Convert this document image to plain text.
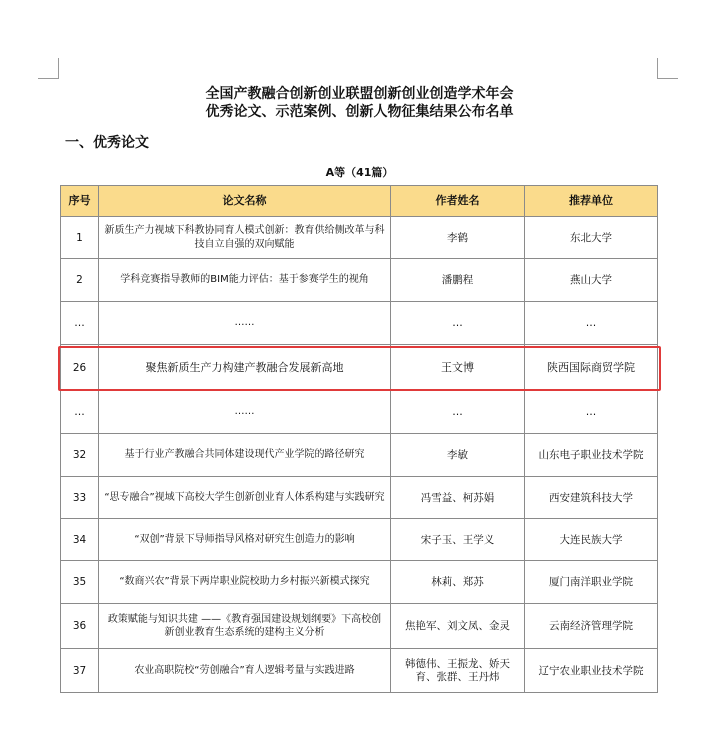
全国产教融合创新创业联盟创新创业创造学术年会
优秀论文、示范案例、创新人物征集结果公布名单
一、优秀论文
A等（41篇）
序号	论文名称	作者姓名	推荐单位
1	新质生产力视域下科教协同育人模式创新：教育供给侧改革与科技自立自强的双向赋能	李鹤	东北大学
2	学科竞赛指导教师的BIM能力评估：基于参赛学生的视角	潘鹏程	燕山大学
…	……	…	…
26	聚焦新质生产力构建产教融合发展新高地	王文博	陕西国际商贸学院
…	……	…	…
32	基于行业产教融合共同体建设现代产业学院的路径研究	李敏	山东电子职业技术学院
33	“思专融合”视域下高校大学生创新创业育人体系构建与实践研究	冯雪益、柯苏娟	西安建筑科技大学
34	“双创”背景下导师指导风格对研究生创造力的影响	宋子玉、王学义	大连民族大学
35	“数商兴农”背景下两岸职业院校助力乡村振兴新模式探究	林莉、郑苏	厦门南洋职业学院
36	政策赋能与知识共建 ——《教育强国建设规划纲要》下高校创新创业教育生态系统的建构主义分析	焦艳军、刘文凤、金灵	云南经济管理学院
37	农业高职院校“劳创融合”育人逻辑考量与实践进路	韩德伟、王振龙、娇天育、张群、王丹炜	辽宁农业职业技术学院
